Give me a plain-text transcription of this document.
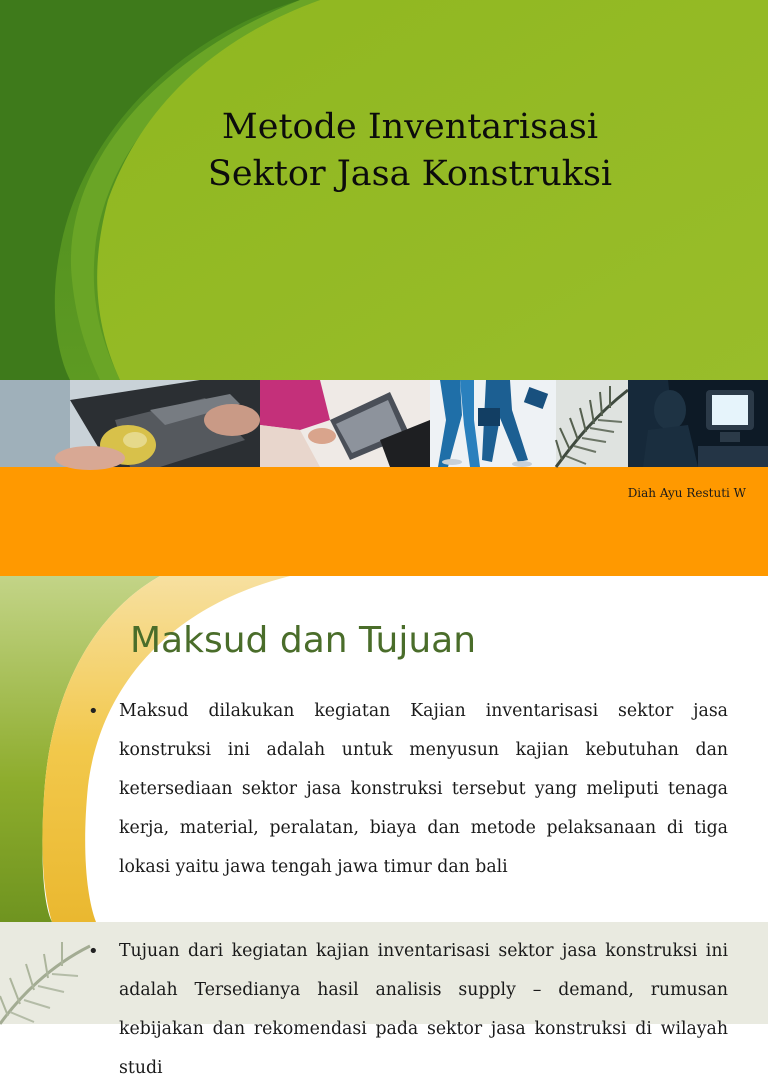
Metode Inventarisasi
Sektor Jasa Konstruksi
Diah Ayu Restuti W
Maksud dan Tujuan
• Maksud dilakukan kegiatan Kajian inventarisasi sektor jasa konstruksi ini adalah untuk menyusun kajian kebutuhan dan ketersediaan sektor jasa konstruksi tersebut yang meliputi tenaga kerja, material, peralatan, biaya dan metode pelaksanaan di tiga lokasi yaitu jawa tengah jawa timur dan bali
• Tujuan dari kegiatan kajian inventarisasi sektor jasa konstruksi ini adalah Tersedianya hasil analisis supply – demand, rumusan kebijakan dan rekomendasi pada sektor jasa konstruksi di wilayah studi
